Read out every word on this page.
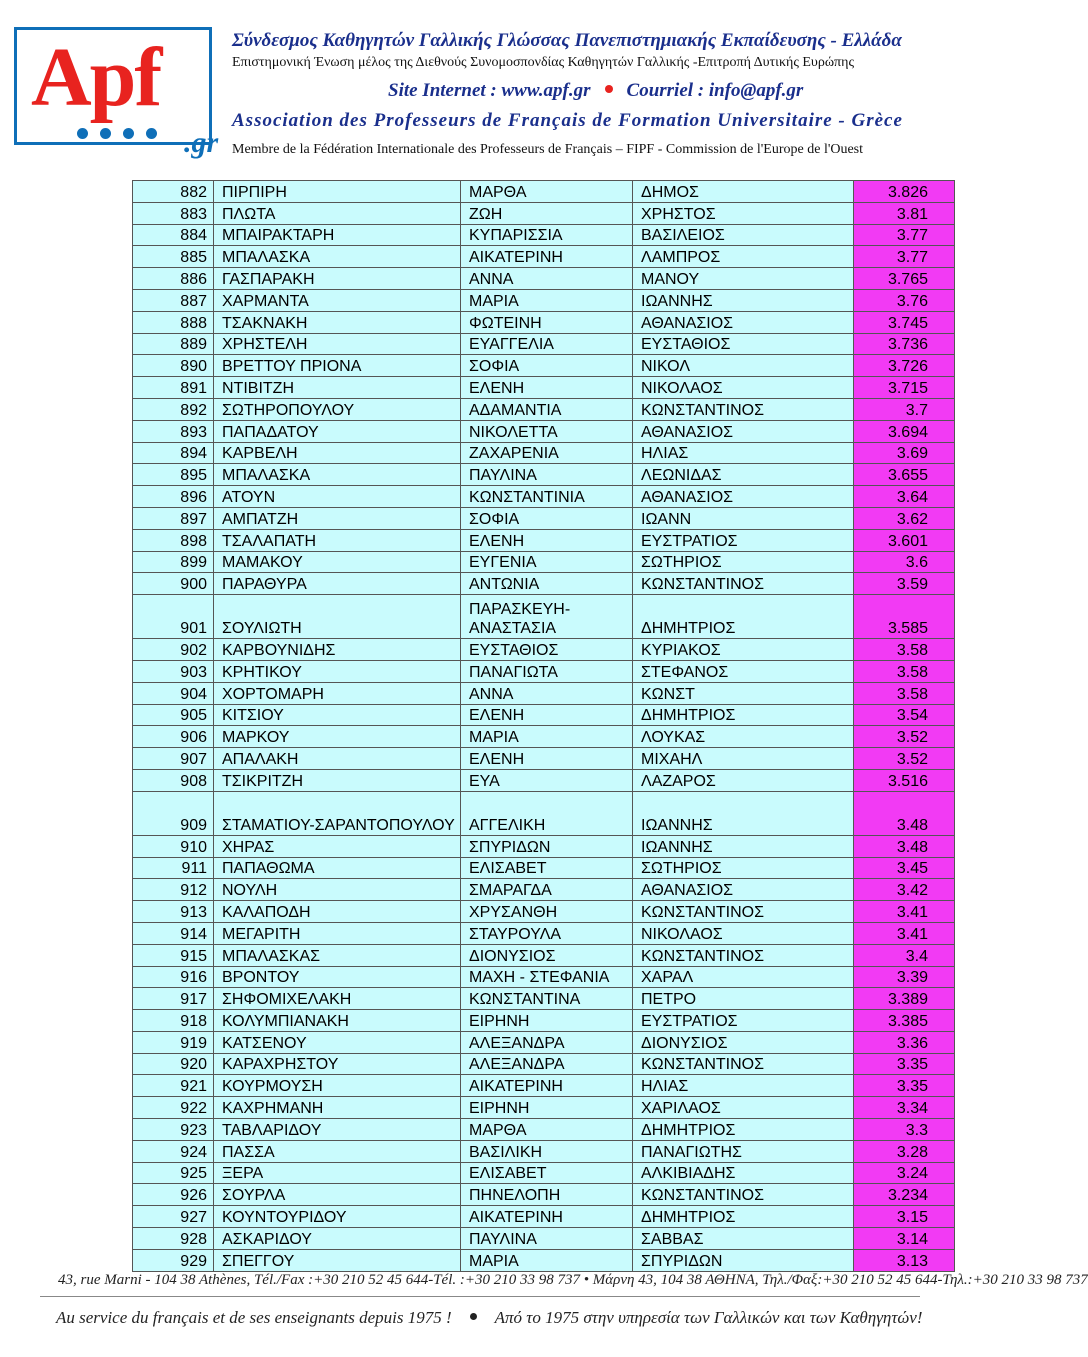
Apf
.gr
Σύνδεσμος Καθηγητών Γαλλικής Γλώσσας Πανεπιστημιακής Εκπαίδευσης - Ελλάδα
Επιστημονική Ένωση μέλος της Διεθνούς Συνομοσπονδίας Καθηγητών Γαλλικής -Επιτροπή Δυτικής Ευρώπης
Site Internet : www.apf.gr Courriel : info@apf.gr
Association des Professeurs de Français de Formation Universitaire - Grèce
Membre de la Fédération Internationale des Professeurs de Français – FIPF - Commission de l'Europe de l'Ouest
882	ΠΙΡΠΙΡΗ	ΜΑΡΘΑ	ΔΗΜΟΣ	3.826
883	ΠΛΩΤΑ	ΖΩΗ	ΧΡΗΣΤΟΣ	3.81
884	ΜΠΑΙΡΑΚΤΑΡΗ	ΚΥΠΑΡΙΣΣΙΑ	ΒΑΣΙΛΕΙΟΣ	3.77
885	ΜΠΑΛΑΣΚΑ	ΑΙΚΑΤΕΡΙΝΗ	ΛΑΜΠΡΟΣ	3.77
886	ΓΑΣΠΑΡΑΚΗ	ΑΝΝΑ	ΜΑΝΟΥ	3.765
887	ΧΑΡΜΑΝΤΑ	ΜΑΡΙΑ	ΙΩΑΝΝΗΣ	3.76
888	ΤΣΑΚΝΑΚΗ	ΦΩΤΕΙΝΗ	ΑΘΑΝΑΣΙΟΣ	3.745
889	ΧΡΗΣΤΕΛΗ	ΕΥΑΓΓΕΛΙΑ	ΕΥΣΤΑΘΙΟΣ	3.736
890	ΒΡΕΤΤΟΥ ΠΡΙΟΝΑ	ΣΟΦΙΑ	ΝΙΚΟΛ	3.726
891	ΝΤΙΒΙΤΖΗ	ΕΛΕΝΗ	ΝΙΚΟΛΑΟΣ	3.715
892	ΣΩΤΗΡΟΠΟΥΛΟΥ	ΑΔΑΜΑΝΤΙΑ	ΚΩΝΣΤΑΝΤΙΝΟΣ	3.7
893	ΠΑΠΑΔΑΤΟΥ	ΝΙΚΟΛΕΤΤΑ	ΑΘΑΝΑΣΙΟΣ	3.694
894	ΚΑΡΒΕΛΗ	ΖΑΧΑΡΕΝΙΑ	ΗΛΙΑΣ	3.69
895	ΜΠΑΛΑΣΚΑ	ΠΑΥΛΙΝΑ	ΛΕΩΝΙΔΑΣ	3.655
896	ΑΤΟΥΝ	ΚΩΝΣΤΑΝΤΙΝΙΑ	ΑΘΑΝΑΣΙΟΣ	3.64
897	ΑΜΠΑΤΖΗ	ΣΟΦΙΑ	ΙΩΑΝΝ	3.62
898	ΤΣΑΛΑΠΑΤΗ	ΕΛΕΝΗ	ΕΥΣΤΡΑΤΙΟΣ	3.601
899	ΜΑΜΑΚΟΥ	ΕΥΓΕΝΙΑ	ΣΩΤΗΡΙΟΣ	3.6
900	ΠΑΡΑΘΥΡΑ	ΑΝΤΩΝΙΑ	ΚΩΝΣΤΑΝΤΙΝΟΣ	3.59
901	ΣΟΥΛΙΩΤΗ	ΠΑΡΑΣΚΕΥΗ-ΑΝΑΣΤΑΣΙΑ	ΔΗΜΗΤΡΙΟΣ	3.585
902	ΚΑΡΒΟΥΝΙΔΗΣ	ΕΥΣΤΑΘΙΟΣ	ΚΥΡΙΑΚΟΣ	3.58
903	ΚΡΗΤΙΚΟΥ	ΠΑΝΑΓΙΩΤΑ	ΣΤΕΦΑΝΟΣ	3.58
904	ΧΟΡΤΟΜΑΡΗ	ΑΝΝΑ	ΚΩΝΣΤ	3.58
905	ΚΙΤΣΙΟΥ	ΕΛΕΝΗ	ΔΗΜΗΤΡΙΟΣ	3.54
906	ΜΑΡΚΟΥ	ΜΑΡΙΑ	ΛΟΥΚΑΣ	3.52
907	ΑΠΑΛΑΚΗ	ΕΛΕΝΗ	ΜΙΧΑΗΛ	3.52
908	ΤΣΙΚΡΙΤΖΗ	ΕΥΑ	ΛΑΖΑΡΟΣ	3.516
909	ΣΤΑΜΑΤΙΟΥ-ΣΑΡΑΝΤΟΠΟΥΛΟΥ	ΑΓΓΕΛΙΚΗ	ΙΩΑΝΝΗΣ	3.48
910	ΧΗΡΑΣ	ΣΠΥΡΙΔΩΝ	ΙΩΑΝΝΗΣ	3.48
911	ΠΑΠΑΘΩΜΑ	ΕΛΙΣΑΒΕΤ	ΣΩΤΗΡΙΟΣ	3.45
912	ΝΟΥΛΗ	ΣΜΑΡΑΓΔΑ	ΑΘΑΝΑΣΙΟΣ	3.42
913	ΚΑΛΑΠΟΔΗ	ΧΡΥΣΑΝΘΗ	ΚΩΝΣΤΑΝΤΙΝΟΣ	3.41
914	ΜΕΓΑΡΙΤΗ	ΣΤΑΥΡΟΥΛΑ	ΝΙΚΟΛΑΟΣ	3.41
915	ΜΠΑΛΑΣΚΑΣ	ΔΙΟΝΥΣΙΟΣ	ΚΩΝΣΤΑΝΤΙΝΟΣ	3.4
916	ΒΡΟΝΤΟΥ	ΜΑΧΗ - ΣΤΕΦΑΝΙΑ	ΧΑΡΑΛ	3.39
917	ΣΗΦΟΜΙΧΕΛΑΚΗ	ΚΩΝΣΤΑΝΤΙΝΑ	ΠΕΤΡΟ	3.389
918	ΚΟΛΥΜΠΙΑΝΑΚΗ	ΕΙΡΗΝΗ	ΕΥΣΤΡΑΤΙΟΣ	3.385
919	ΚΑΤΣΕΝΟΥ	ΑΛΕΞΑΝΔΡΑ	ΔΙΟΝΥΣΙΟΣ	3.36
920	ΚΑΡΑΧΡΗΣΤΟΥ	ΑΛΕΞΑΝΔΡΑ	ΚΩΝΣΤΑΝΤΙΝΟΣ	3.35
921	ΚΟΥΡΜΟΥΣΗ	ΑΙΚΑΤΕΡΙΝΗ	ΗΛΙΑΣ	3.35
922	ΚΑΧΡΗΜΑΝΗ	ΕΙΡΗΝΗ	ΧΑΡΙΛΑΟΣ	3.34
923	ΤΑΒΛΑΡΙΔΟΥ	ΜΑΡΘΑ	ΔΗΜΗΤΡΙΟΣ	3.3
924	ΠΑΣΣΑ	ΒΑΣΙΛΙΚΗ	ΠΑΝΑΓΙΩΤΗΣ	3.28
925	ΞΕΡΑ	ΕΛΙΣΑΒΕΤ	ΑΛΚΙΒΙΑΔΗΣ	3.24
926	ΣΟΥΡΛΑ	ΠΗΝΕΛΟΠΗ	ΚΩΝΣΤΑΝΤΙΝΟΣ	3.234
927	ΚΟΥΝΤΟΥΡΙΔΟΥ	ΑΙΚΑΤΕΡΙΝΗ	ΔΗΜΗΤΡΙΟΣ	3.15
928	ΑΣΚΑΡΙΔΟΥ	ΠΑΥΛΙΝΑ	ΣΑΒΒΑΣ	3.14
929	ΣΠΕΓΓΟΥ	ΜΑΡΙΑ	ΣΠΥΡΙΔΩΝ	3.13
43, rue Marni - 104 38 Athènes, Tél./Fax :+30 210 52 45 644-Tél. :+30 210 33 98 737 • Μάρνη 43, 104 38 ΑΘΗΝΑ, Τηλ./Φαξ:+30 210 52 45 644-Τηλ.:+30 210 33 98 737
Au service du français et de ses enseignants depuis 1975 !	Από το 1975 στην υπηρεσία των Γαλλικών και των Καθηγητών!
